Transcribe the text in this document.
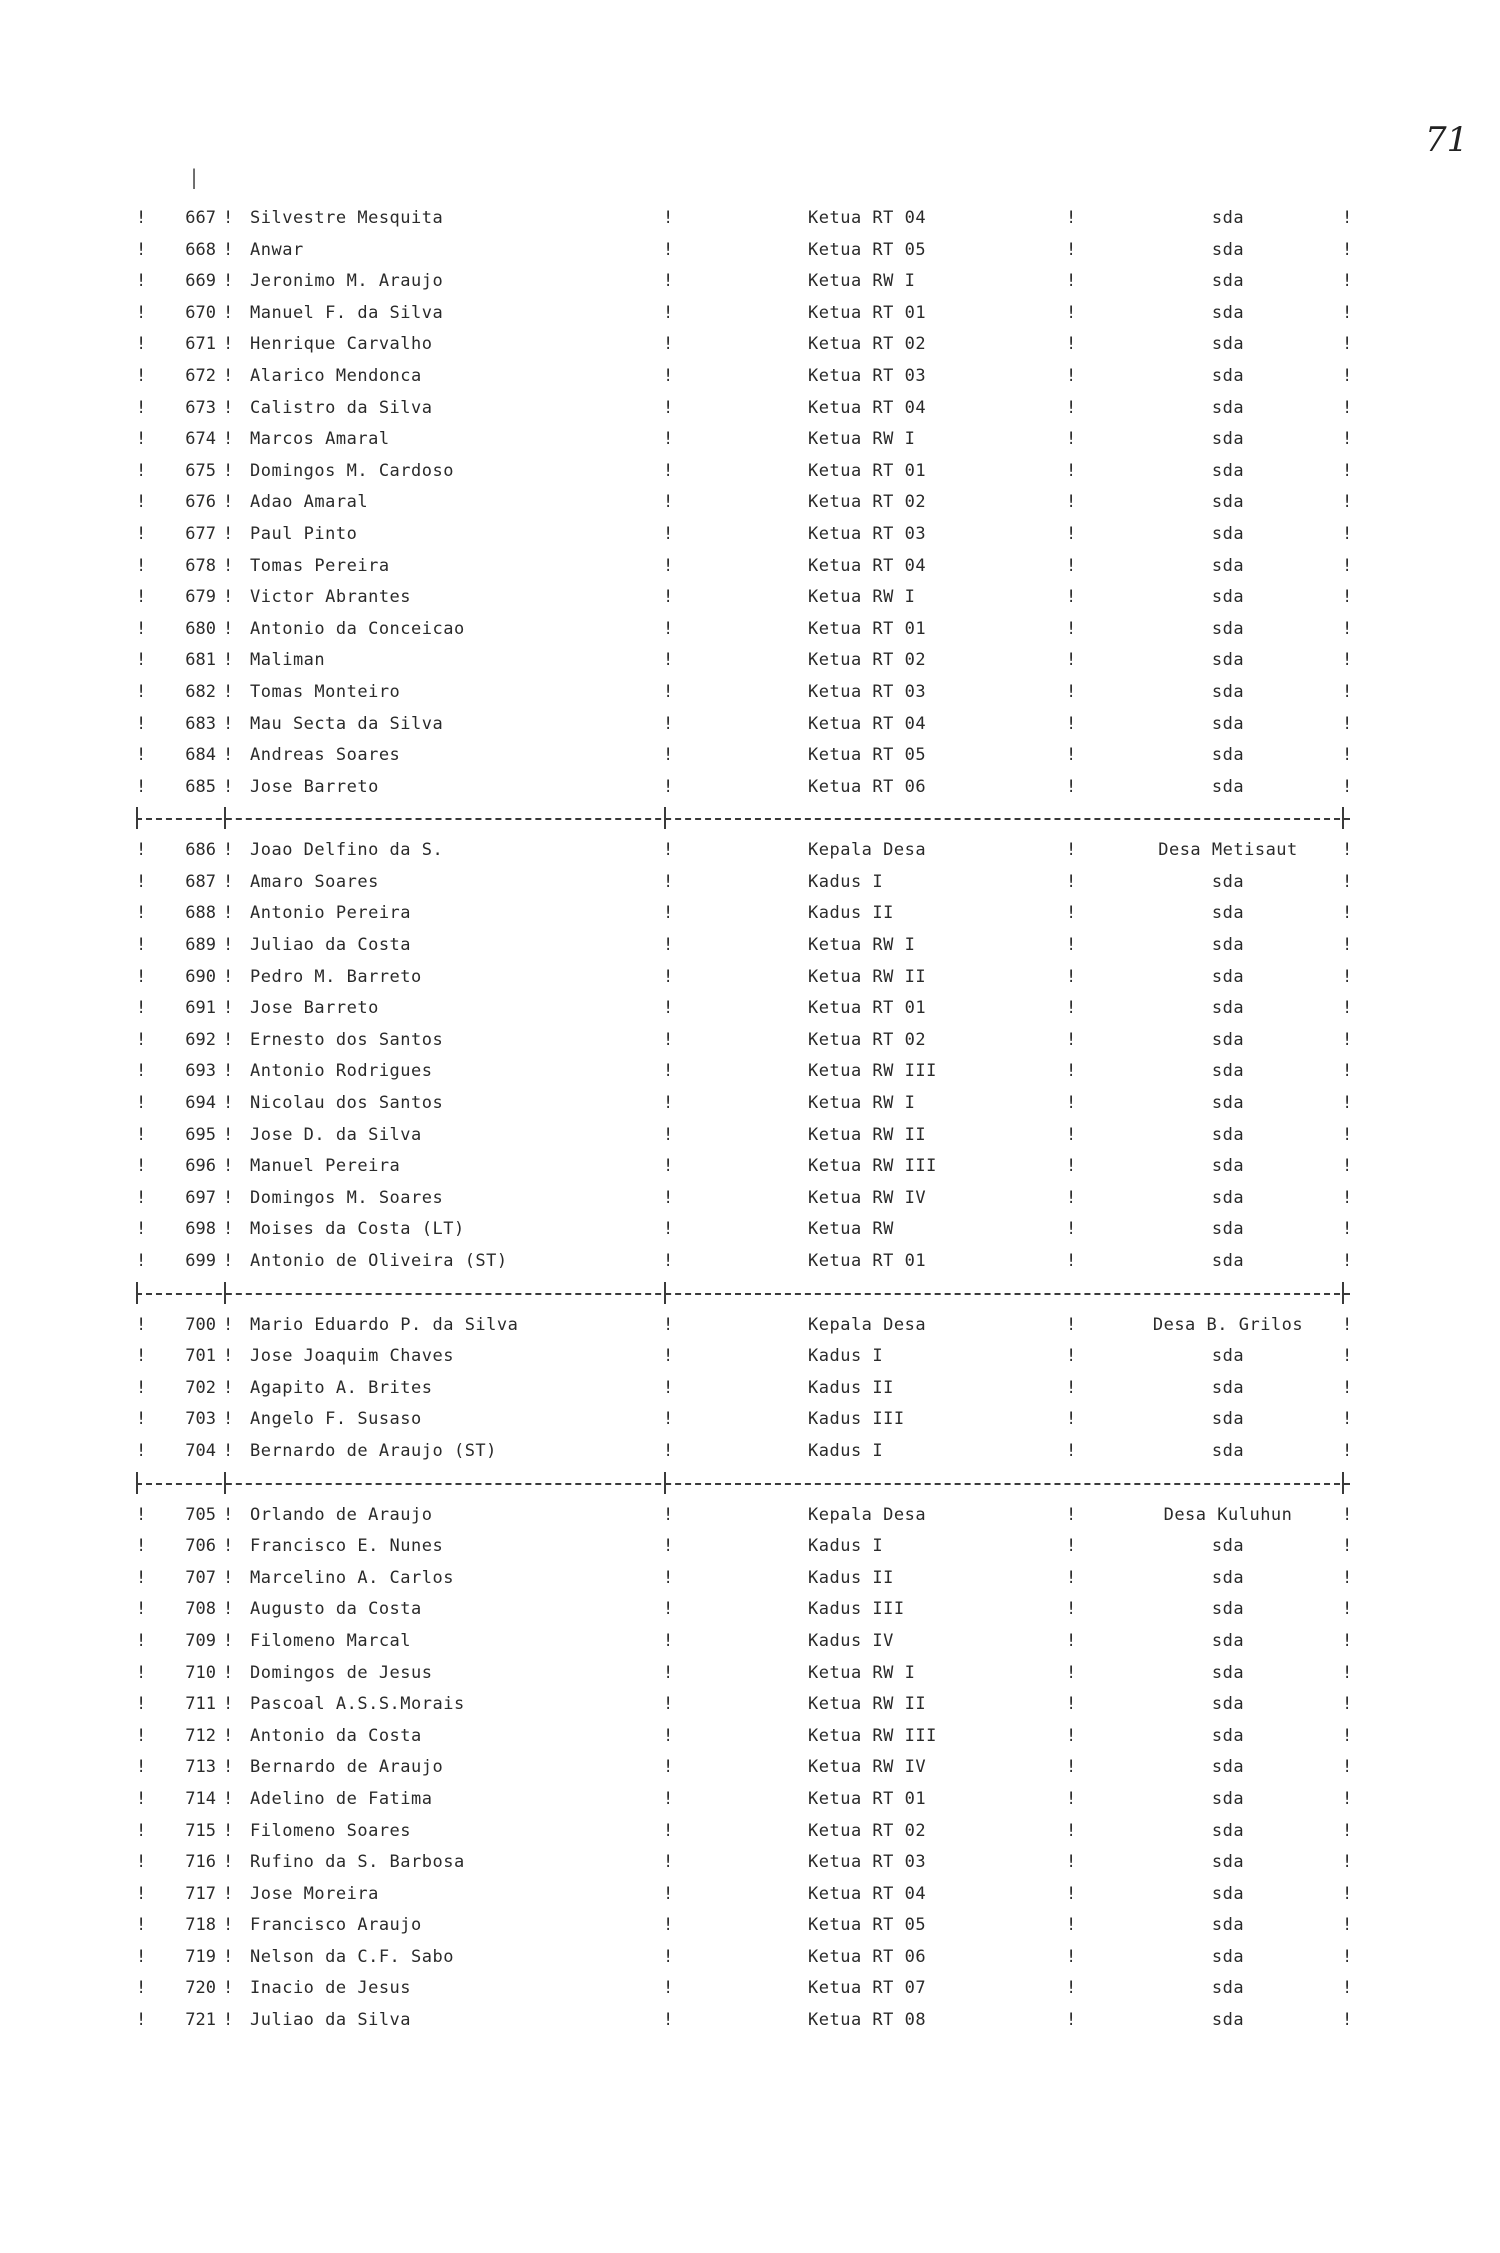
71
|
!	667 ! Silvestre Mesquita	!	Ketua RT 04	!	sda	!
!	668 ! Anwar	!	Ketua RT 05	!	sda	!
!	669 ! Jeronimo M. Araujo	!	Ketua RW I	!	sda	!
!	670 ! Manuel F. da Silva	!	Ketua RT 01	!	sda	!
!	671 ! Henrique Carvalho	!	Ketua RT 02	!	sda	!
!	672 ! Alarico Mendonca	!	Ketua RT 03	!	sda	!
!	673 ! Calistro da Silva	!	Ketua RT 04	!	sda	!
!	674 ! Marcos Amaral	!	Ketua RW I	!	sda	!
!	675 ! Domingos M. Cardoso	!	Ketua RT 01	!	sda	!
!	676 ! Adao Amaral	!	Ketua RT 02	!	sda	!
!	677 ! Paul Pinto	!	Ketua RT 03	!	sda	!
!	678 ! Tomas Pereira	!	Ketua RT 04	!	sda	!
!	679 ! Victor Abrantes	!	Ketua RW I	!	sda	!
!	680 ! Antonio da Conceicao	!	Ketua RT 01	!	sda	!
!	681 ! Maliman	!	Ketua RT 02	!	sda	!
!	682 ! Tomas Monteiro	!	Ketua RT 03	!	sda	!
!	683 ! Mau Secta da Silva	!	Ketua RT 04	!	sda	!
!	684 ! Andreas Soares	!	Ketua RT 05	!	sda	!
!	685 ! Jose Barreto	!	Ketua RT 06	!	sda	!
!	686 ! Joao Delfino da S.	!	Kepala Desa	!	Desa Metisaut	!
!	687 ! Amaro Soares	!	Kadus I	!	sda	!
!	688 ! Antonio Pereira	!	Kadus II	!	sda	!
!	689 ! Juliao da Costa	!	Ketua RW I	!	sda	!
!	690 ! Pedro M. Barreto	!	Ketua RW II	!	sda	!
!	691 ! Jose Barreto	!	Ketua RT 01	!	sda	!
!	692 ! Ernesto dos Santos	!	Ketua RT 02	!	sda	!
!	693 ! Antonio Rodrigues	!	Ketua RW III	!	sda	!
!	694 ! Nicolau dos Santos	!	Ketua RW I	!	sda	!
!	695 ! Jose D. da Silva	!	Ketua RW II	!	sda	!
!	696 ! Manuel Pereira	!	Ketua RW III	!	sda	!
!	697 ! Domingos M. Soares	!	Ketua RW IV	!	sda	!
!	698 ! Moises da Costa (LT)	!	Ketua RW	!	sda	!
!	699 ! Antonio de Oliveira (ST)	!	Ketua RT 01	!	sda	!
!	700 ! Mario Eduardo P. da Silva	!	Kepala Desa	!	Desa B. Grilos	!
!	701 ! Jose Joaquim Chaves	!	Kadus I	!	sda	!
!	702 ! Agapito A. Brites	!	Kadus II	!	sda	!
!	703 ! Angelo F. Susaso	!	Kadus III	!	sda	!
!	704 ! Bernardo de Araujo (ST)	!	Kadus I	!	sda	!
!	705 ! Orlando de Araujo	!	Kepala Desa	!	Desa Kuluhun	!
!	706 ! Francisco E. Nunes	!	Kadus I	!	sda	!
!	707 ! Marcelino A. Carlos	!	Kadus II	!	sda	!
!	708 ! Augusto da Costa	!	Kadus III	!	sda	!
!	709 ! Filomeno Marcal	!	Kadus IV	!	sda	!
!	710 ! Domingos de Jesus	!	Ketua RW I	!	sda	!
!	711 ! Pascoal A.S.S.Morais	!	Ketua RW II	!	sda	!
!	712 ! Antonio da Costa	!	Ketua RW III	!	sda	!
!	713 ! Bernardo de Araujo	!	Ketua RW IV	!	sda	!
!	714 ! Adelino de Fatima	!	Ketua RT 01	!	sda	!
!	715 ! Filomeno Soares	!	Ketua RT 02	!	sda	!
!	716 ! Rufino da S. Barbosa	!	Ketua RT 03	!	sda	!
!	717 ! Jose Moreira	!	Ketua RT 04	!	sda	!
!	718 ! Francisco Araujo	!	Ketua RT 05	!	sda	!
!	719 ! Nelson da C.F. Sabo	!	Ketua RT 06	!	sda	!
!	720 ! Inacio de Jesus	!	Ketua RT 07	!	sda	!
!	721 ! Juliao da Silva	!	Ketua RT 08	!	sda	!
